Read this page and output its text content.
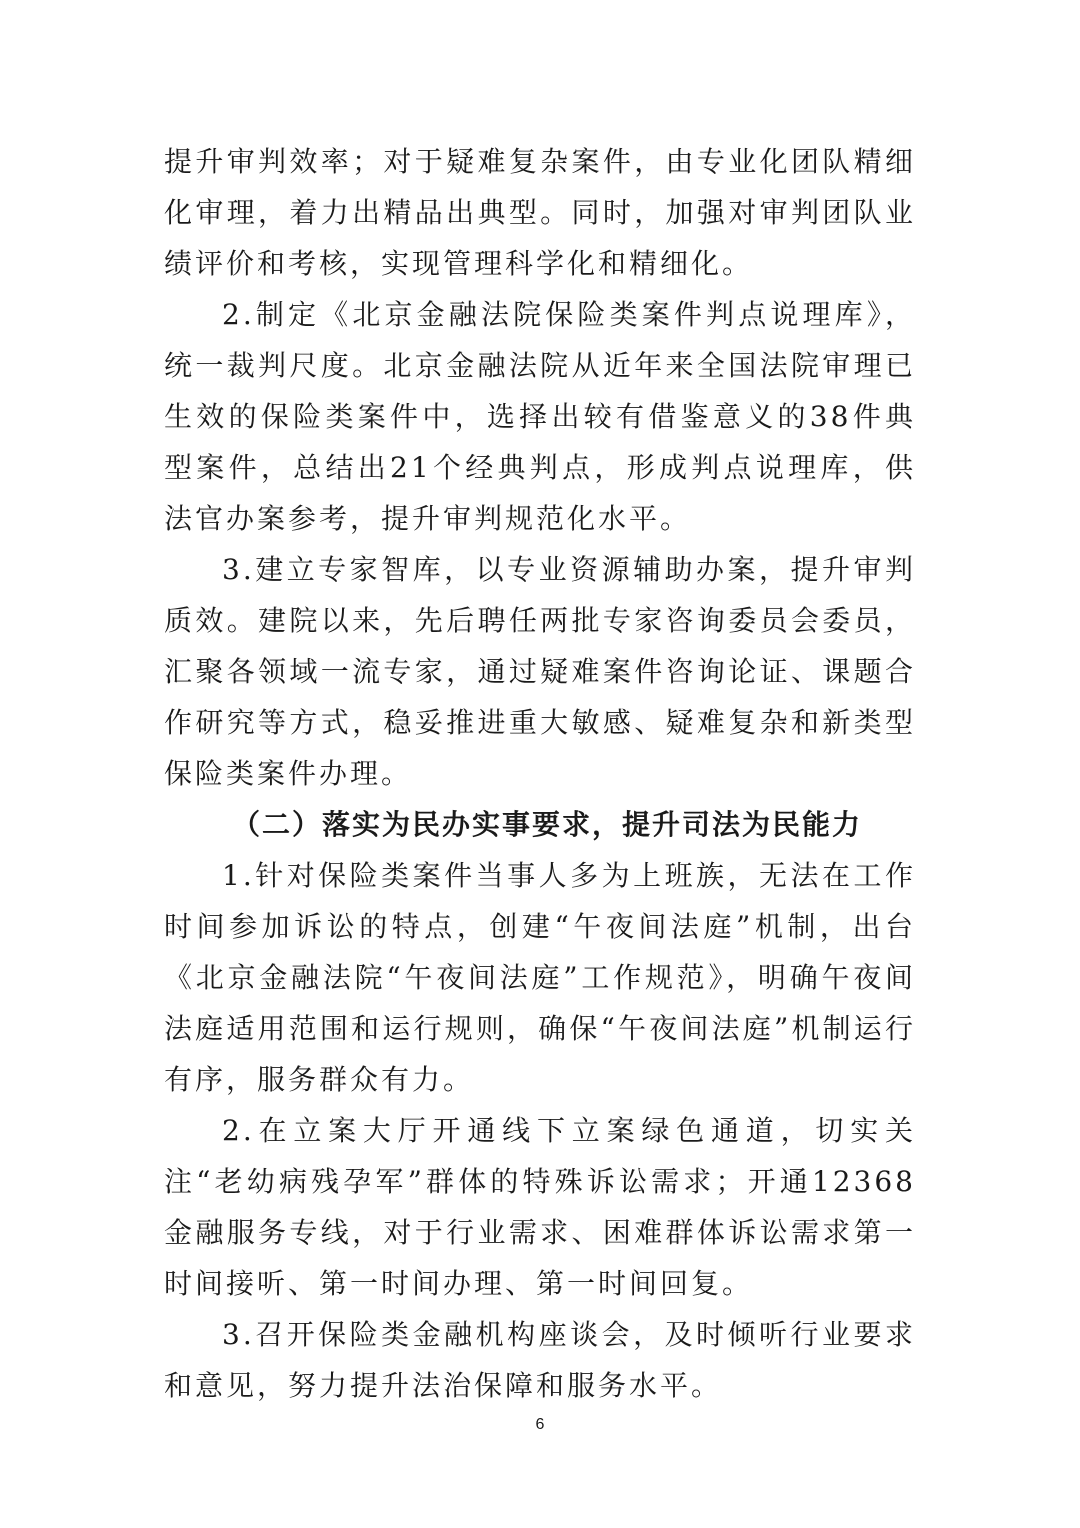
提升审判效率；对于疑难复杂案件，由专业化团队精细化审理，着力出精品出典型。同时，加强对审判团队业绩评价和考核，实现管理科学化和精细化。

2.制定《北京金融法院保险类案件判点说理库》，统一裁判尺度。北京金融法院从近年来全国法院审理已生效的保险类案件中，选择出较有借鉴意义的38件典型案件，总结出21个经典判点，形成判点说理库，供法官办案参考，提升审判规范化水平。

3.建立专家智库，以专业资源辅助办案，提升审判质效。建院以来，先后聘任两批专家咨询委员会委员，汇聚各领域一流专家，通过疑难案件咨询论证、课题合作研究等方式，稳妥推进重大敏感、疑难复杂和新类型保险类案件办理。

（二）落实为民办实事要求，提升司法为民能力

1.针对保险类案件当事人多为上班族，无法在工作时间参加诉讼的特点，创建“午夜间法庭”机制，出台《北京金融法院“午夜间法庭”工作规范》，明确午夜间法庭适用范围和运行规则，确保“午夜间法庭”机制运行有序，服务群众有力。

2.在立案大厅开通线下立案绿色通道，切实关注“老幼病残孕军”群体的特殊诉讼需求；开通12368金融服务专线，对于行业需求、困难群体诉讼需求第一时间接听、第一时间办理、第一时间回复。

3.召开保险类金融机构座谈会，及时倾听行业要求和意见，努力提升法治保障和服务水平。

6
